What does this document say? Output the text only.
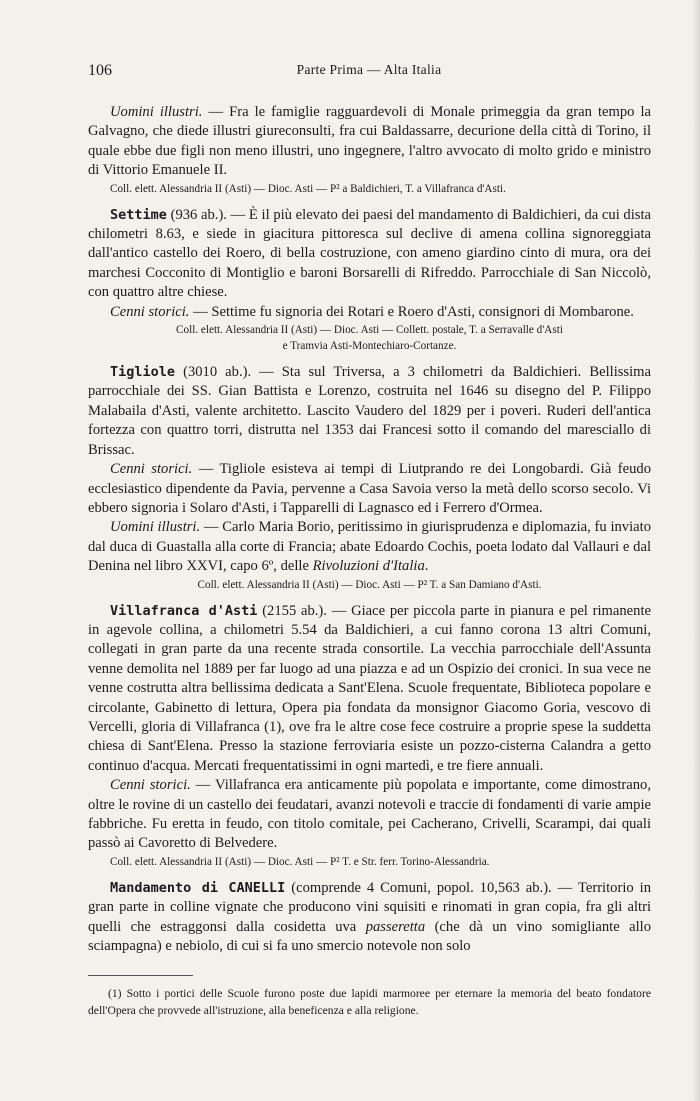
106	Parte Prima — Alta Italia

Uomini illustri. — Fra le famiglie ragguardevoli di Monale primeggia da gran tempo la Galvagno, che diede illustri giureconsulti, fra cui Baldassarre, decurione della città di Torino, il quale ebbe due figli non meno illustri, uno ingegnere, l'altro avvocato di molto grido e ministro di Vittorio Emanuele II.

Coll. elett. Alessandria II (Asti) — Dioc. Asti — P² a Baldichieri, T. a Villafranca d'Asti.

Settime (936 ab.). — È il più elevato dei paesi del mandamento di Baldichieri, da cui dista chilometri 8.63, e siede in giacitura pittoresca sul declive di amena collina signoreggiata dall'antico castello dei Roero, di bella costruzione, con ameno giardino cinto di mura, ora dei marchesi Cocconito di Montiglio e baroni Borsarelli di Rifreddo. Parrocchiale di San Niccolò, con quattro altre chiese.

Cenni storici. — Settime fu signoria dei Rotari e Roero d'Asti, consignori di Mombarone.

Coll. elett. Alessandria II (Asti) — Dioc. Asti — Collett. postale, T. a Serravalle d'Asti

e Tramvia Asti-Montechiaro-Cortanze.

Tigliole (3010 ab.). — Sta sul Triversa, a 3 chilometri da Baldichieri. Bellissima parrocchiale dei SS. Gian Battista e Lorenzo, costruita nel 1646 su disegno del P. Filippo Malabaila d'Asti, valente architetto. Lascito Vaudero del 1829 per i poveri. Ruderi dell'antica fortezza con quattro torri, distrutta nel 1353 dai Francesi sotto il comando del maresciallo di Brissac.

Cenni storici. — Tigliole esisteva ai tempi di Liutprando re dei Longobardi. Già feudo ecclesiastico dipendente da Pavia, pervenne a Casa Savoia verso la metà dello scorso secolo. Vi ebbero signoria i Solaro d'Asti, i Tapparelli di Lagnasco ed i Ferrero d'Ormea.

Uomini illustri. — Carlo Maria Borio, peritissimo in giurisprudenza e diplomazia, fu inviato dal duca di Guastalla alla corte di Francia; abate Edoardo Cochis, poeta lodato dal Vallauri e dal Denina nel libro XXVI, capo 6º, delle Rivoluzioni d'Italia.

Coll. elett. Alessandria II (Asti) — Dioc. Asti — P² T. a San Damiano d'Asti.

Villafranca d'Asti (2155 ab.). — Giace per piccola parte in pianura e pel rimanente in agevole collina, a chilometri 5.54 da Baldichieri, a cui fanno corona 13 altri Comuni, collegati in gran parte da una recente strada consortile. La vecchia parrocchiale dell'Assunta venne demolita nel 1889 per far luogo ad una piazza e ad un Ospizio dei cronici. In sua vece ne venne costrutta altra bellissima dedicata a Sant'Elena. Scuole frequentate, Biblioteca popolare e circolante, Gabinetto di lettura, Opera pia fondata da monsignor Giacomo Goria, vescovo di Vercelli, gloria di Villafranca (1), ove fra le altre cose fece costruire a proprie spese la suddetta chiesa di Sant'Elena. Presso la stazione ferroviaria esiste un pozzo-cisterna Calandra a getto continuo d'acqua. Mercati frequentatissimi in ogni martedì, e tre fiere annuali.

Cenni storici. — Villafranca era anticamente più popolata e importante, come dimostrano, oltre le rovine di un castello dei feudatari, avanzi notevoli e traccie di fondamenti di varie ampie fabbriche. Fu eretta in feudo, con titolo comitale, pei Cacherano, Crivelli, Scarampi, dai quali passò ai Cavoretto di Belvedere.

Coll. elett. Alessandria II (Asti) — Dioc. Asti — P² T. e Str. ferr. Torino-Alessandria.

Mandamento di CANELLI (comprende 4 Comuni, popol. 10,563 ab.). — Territorio in gran parte in colline vignate che producono vini squisiti e rinomati in gran copia, fra gli altri quelli che estraggonsi dalla cosidetta uva passeretta (che dà un vino somigliante allo sciampagna) e nebiolo, di cui si fa uno smercio notevole non solo

(1) Sotto i portici delle Scuole furono poste due lapidi marmoree per eternare la memoria del beato fondatore dell'Opera che provvede all'istruzione, alla beneficenza e alla religione.
